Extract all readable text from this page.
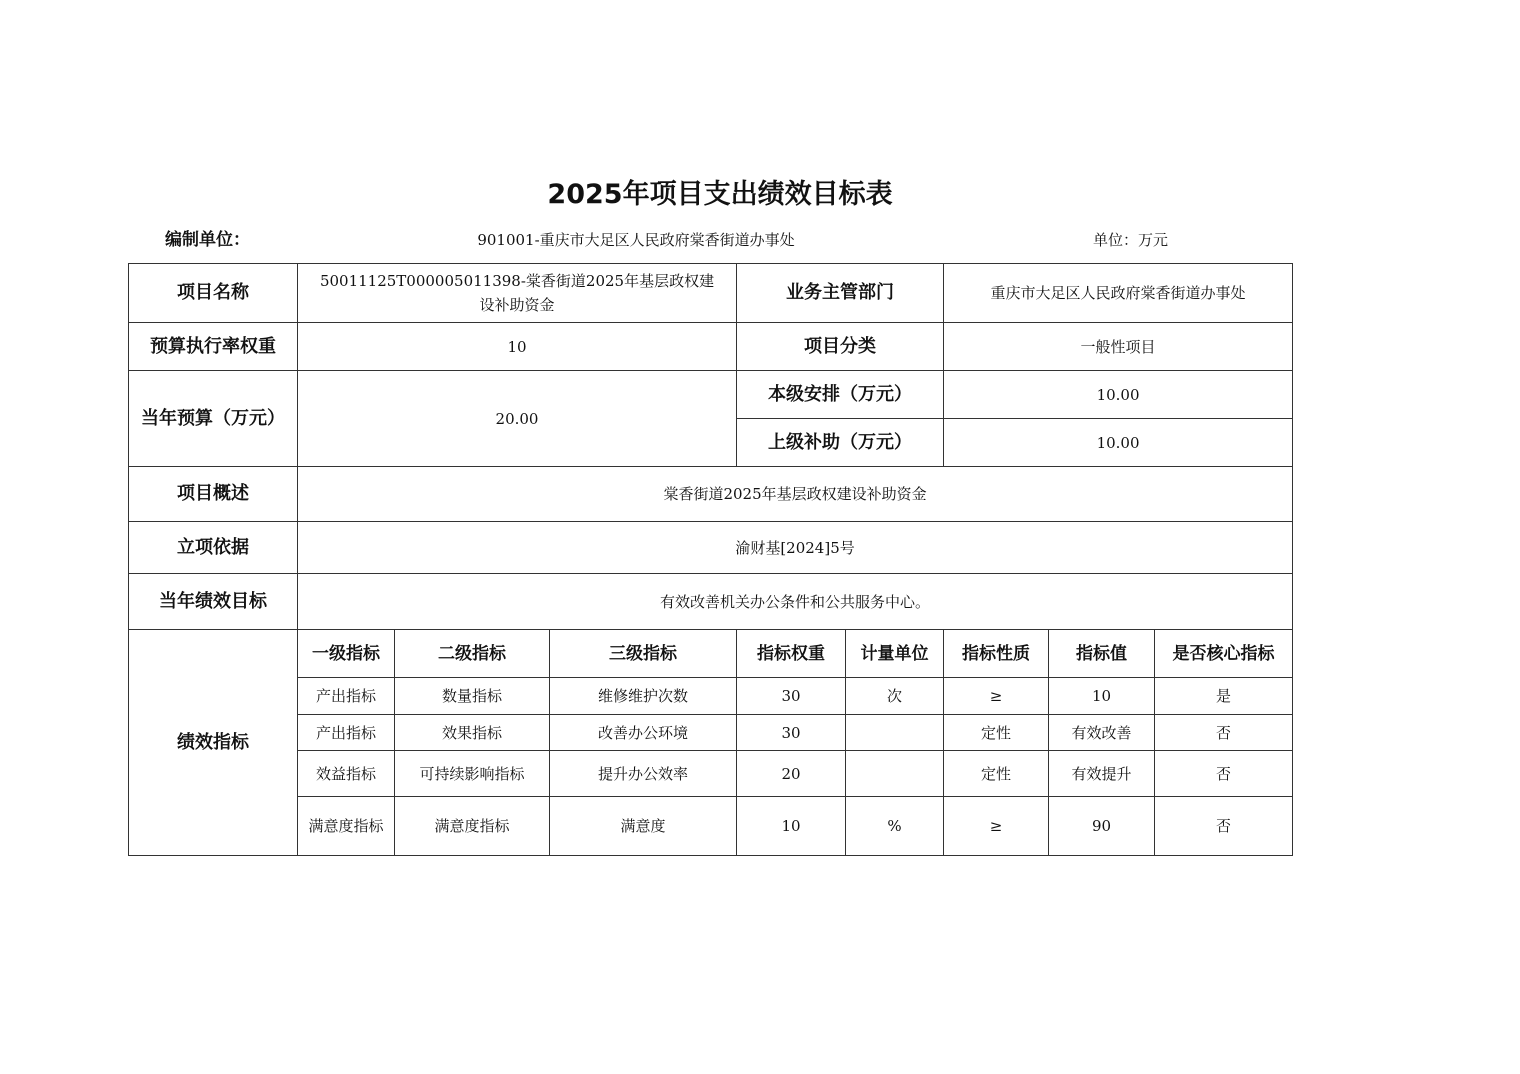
2025年项目支出绩效目标表
编制单位：	901001-重庆市大足区人民政府棠香街道办事处	单位：万元
项目名称	50011125T000005011398-棠香街道2025年基层政权建设补助资金			业务主管部门		重庆市大足区人民政府棠香街道办事处		
预算执行率权重	10			项目分类		一般性项目		
当年预算（万元）	20.00			本级安排（万元）		10.00		
				上级补助（万元）		10.00		
项目概述	棠香街道2025年基层政权建设补助资金							
立项依据	渝财基[2024]5号							
当年绩效目标	有效改善机关办公条件和公共服务中心。							
绩效指标	一级指标	二级指标	三级指标	指标权重	计量单位	指标性质	指标值	是否核心指标
	产出指标	数量指标	维修维护次数	30	次	≥	10	是
	产出指标	效果指标	改善办公环境	30		定性	有效改善	否
	效益指标	可持续影响指标	提升办公效率	20		定性	有效提升	否
	满意度指标	满意度指标	满意度	10	%	≥	90	否
